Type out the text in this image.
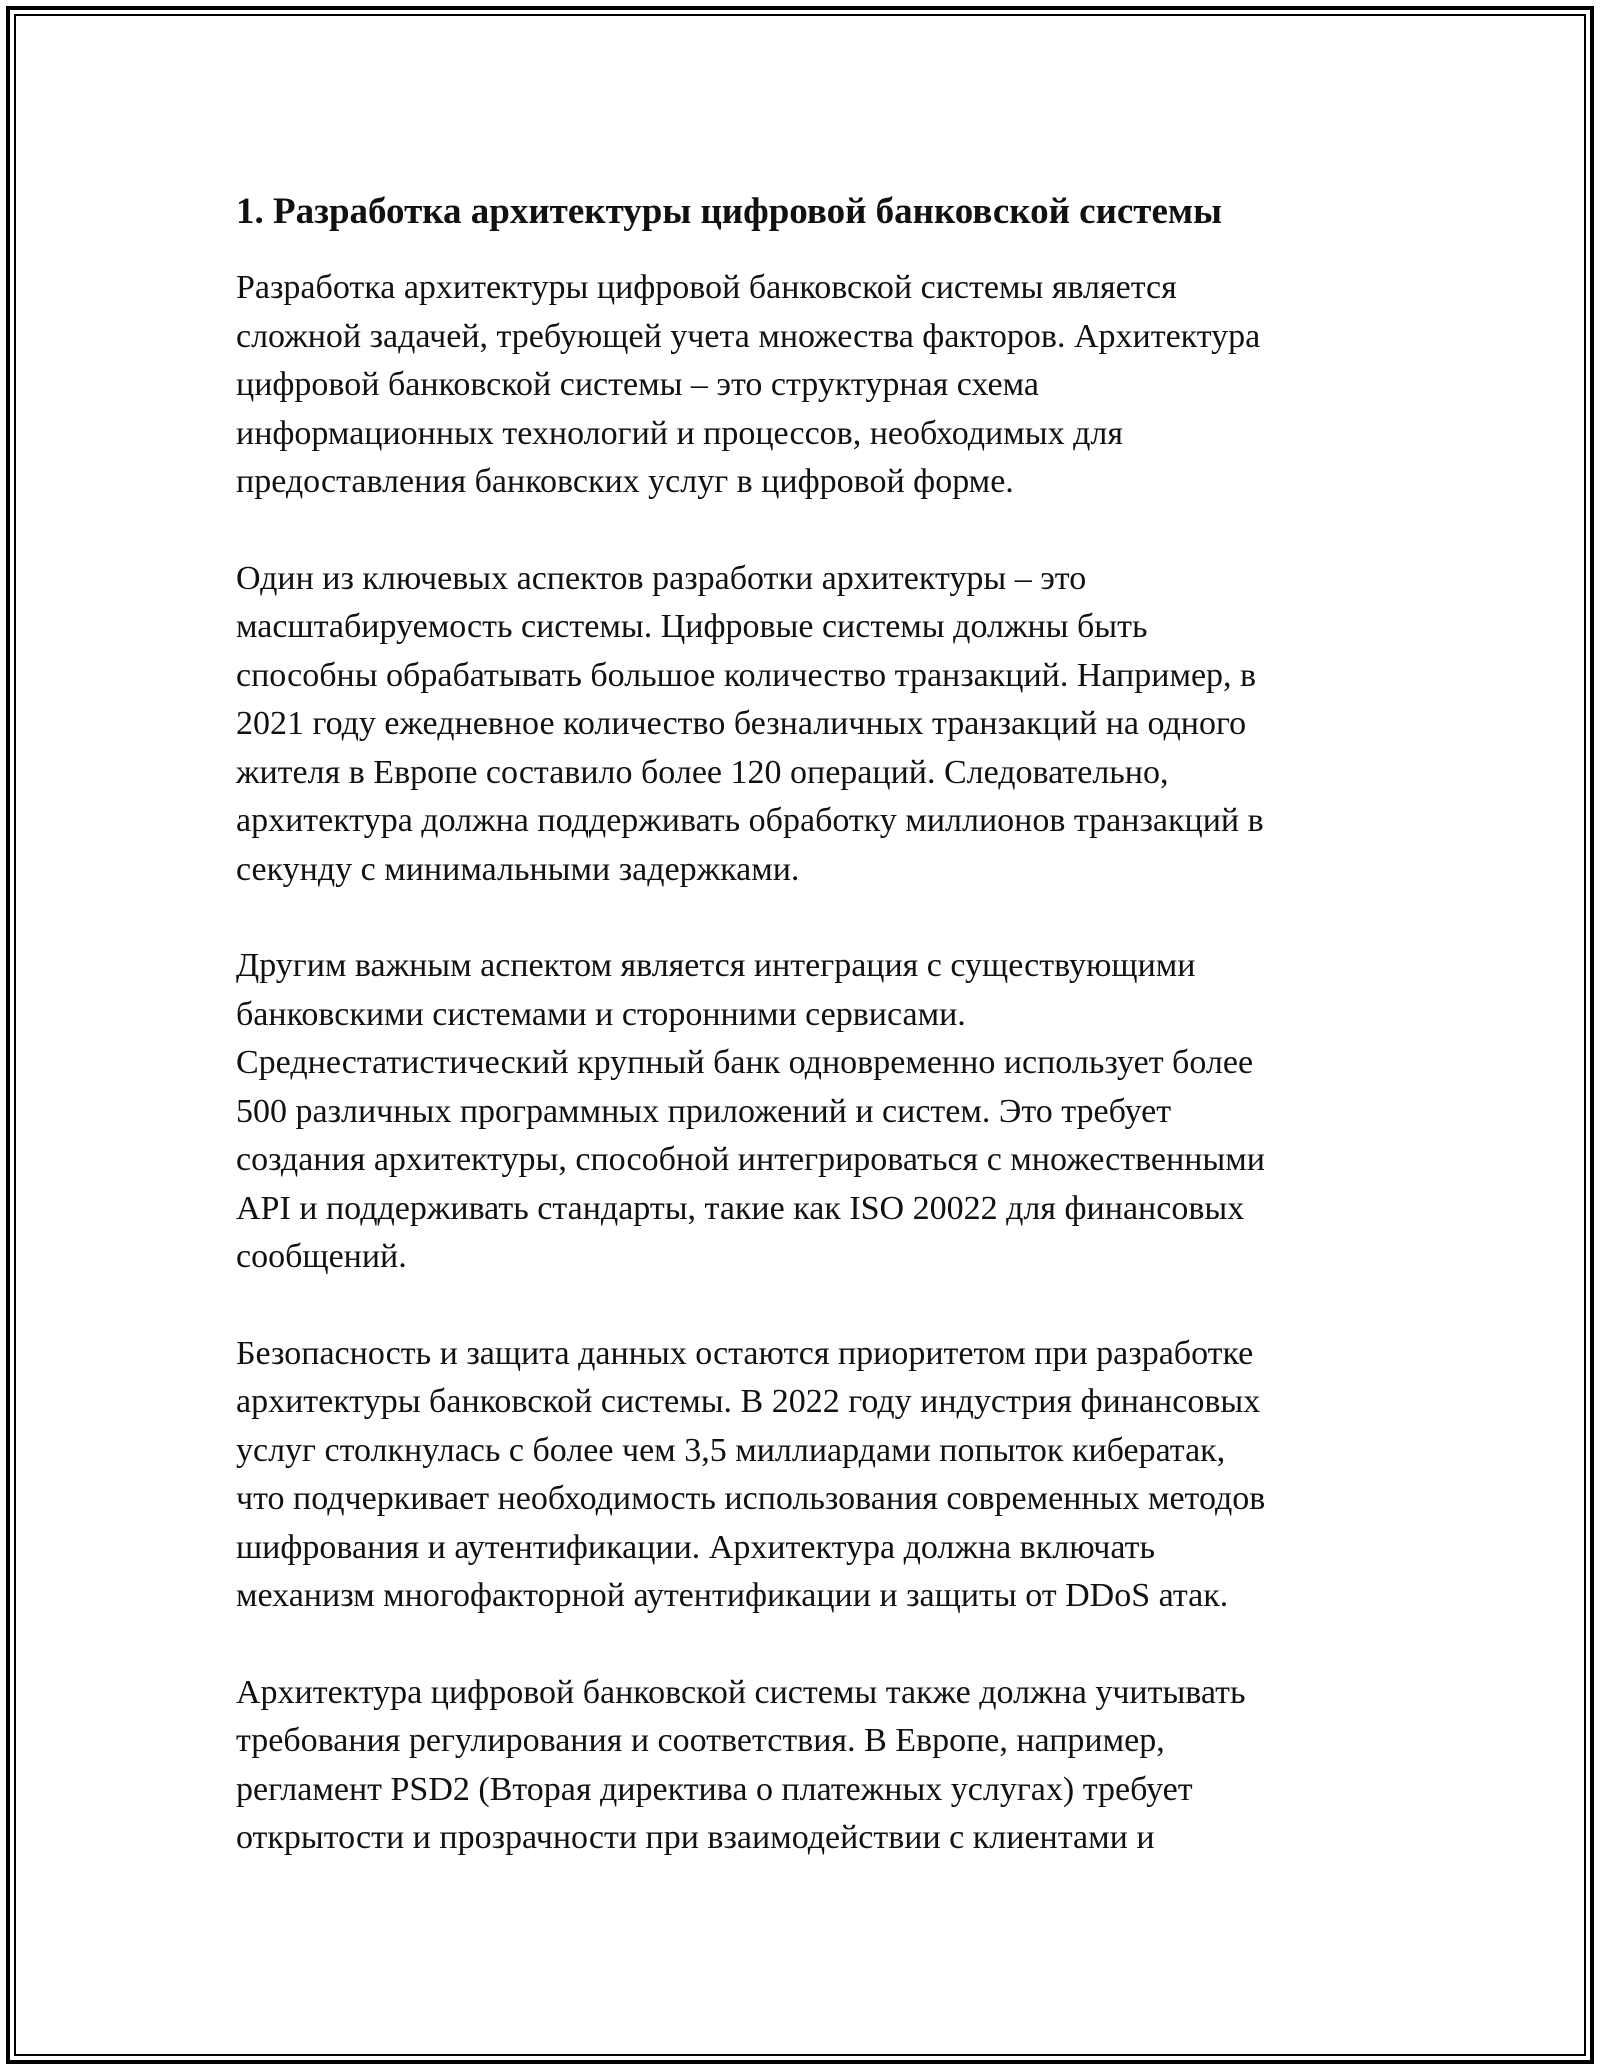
1. Разработка архитектуры цифровой банковской системы

Разработка архитектуры цифровой банковской системы является
сложной задачей, требующей учета множества факторов. Архитектура
цифровой банковской системы – это структурная схема
информационных технологий и процессов, необходимых для
предоставления банковских услуг в цифровой форме.

Один из ключевых аспектов разработки архитектуры – это
масштабируемость системы. Цифровые системы должны быть
способны обрабатывать большое количество транзакций. Например, в
2021 году ежедневное количество безналичных транзакций на одного
жителя в Европе составило более 120 операций. Следовательно,
архитектура должна поддерживать обработку миллионов транзакций в
секунду с минимальными задержками.

Другим важным аспектом является интеграция с существующими
банковскими системами и сторонними сервисами.
Среднестатистический крупный банк одновременно использует более
500 различных программных приложений и систем. Это требует
создания архитектуры, способной интегрироваться с множественными
API и поддерживать стандарты, такие как ISO 20022 для финансовых
сообщений.

Безопасность и защита данных остаются приоритетом при разработке
архитектуры банковской системы. В 2022 году индустрия финансовых
услуг столкнулась с более чем 3,5 миллиардами попыток кибератак,
что подчеркивает необходимость использования современных методов
шифрования и аутентификации. Архитектура должна включать
механизм многофакторной аутентификации и защиты от DDoS атак.

Архитектура цифровой банковской системы также должна учитывать
требования регулирования и соответствия. В Европе, например,
регламент PSD2 (Вторая директива о платежных услугах) требует
открытости и прозрачности при взаимодействии с клиентами и
